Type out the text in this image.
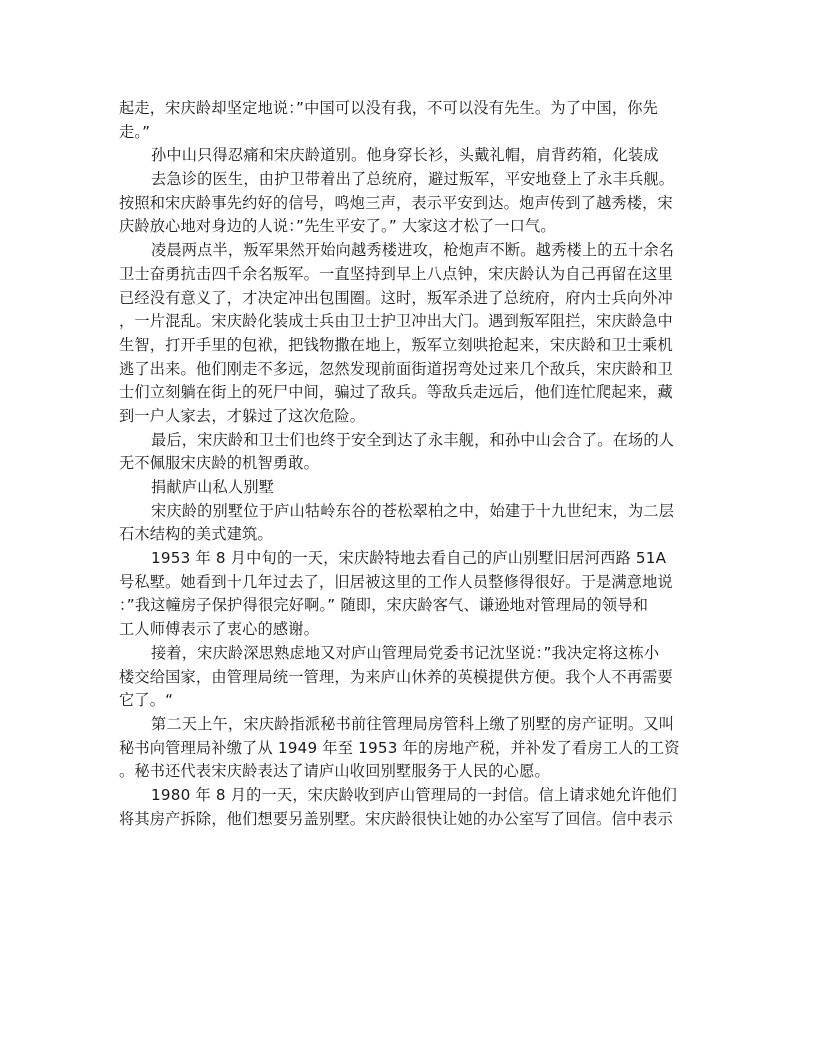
起走，宋庆龄却坚定地说：”中国可以没有我，不可以没有先生。为了中国，你先
走。”
孙中山只得忍痛和宋庆龄道别。他身穿长衫，头戴礼帽，肩背药箱，化装成
去急诊的医生，由护卫带着出了总统府，避过叛军，平安地登上了永丰兵舰。
按照和宋庆龄事先约好的信号，鸣炮三声，表示平安到达。炮声传到了越秀楼，宋
庆龄放心地对身边的人说：”先生平安了。” 大家这才松了一口气。
凌晨两点半，叛军果然开始向越秀楼进攻，枪炮声不断。越秀楼上的五十余名
卫士奋勇抗击四千余名叛军。一直坚持到早上八点钟，宋庆龄认为自己再留在这里
已经没有意义了，才决定冲出包围圈。这时，叛军杀进了总统府，府内士兵向外冲
，一片混乱。宋庆龄化装成士兵由卫士护卫冲出大门。遇到叛军阻拦，宋庆龄急中
生智，打开手里的包袱，把钱物撒在地上，叛军立刻哄抢起来，宋庆龄和卫士乘机
逃了出来。他们刚走不多远，忽然发现前面街道拐弯处过来几个敌兵，宋庆龄和卫
士们立刻躺在街上的死尸中间，骗过了敌兵。等敌兵走远后，他们连忙爬起来，藏
到一户人家去，才躲过了这次危险。
最后，宋庆龄和卫士们也终于安全到达了永丰舰，和孙中山会合了。在场的人
无不佩服宋庆龄的机智勇敢。
捐献庐山私人别墅
宋庆龄的别墅位于庐山牯岭东谷的苍松翠柏之中，始建于十九世纪末，为二层
石木结构的美式建筑。
1953 年 8 月中旬的一天，宋庆龄特地去看自己的庐山别墅旧居河西路 51A
号私墅。她看到十几年过去了，旧居被这里的工作人员整修得很好。于是满意地说
：”我这幢房子保护得很完好啊。” 随即，宋庆龄客气、谦逊地对管理局的领导和
工人师傅表示了衷心的感谢。
接着，宋庆龄深思熟虑地又对庐山管理局党委书记沈坚说：”我决定将这栋小
楼交给国家，由管理局统一管理，为来庐山休养的英模提供方便。我个人不再需要
它了。“
第二天上午，宋庆龄指派秘书前往管理局房管科上缴了别墅的房产证明。又叫
秘书向管理局补缴了从 1949 年至 1953 年的房地产税，并补发了看房工人的工资
。秘书还代表宋庆龄表达了请庐山收回别墅服务于人民的心愿。
1980 年 8 月的一天，宋庆龄收到庐山管理局的一封信。信上请求她允许他们
将其房产拆除，他们想要另盖别墅。宋庆龄很快让她的办公室写了回信。信中表示
